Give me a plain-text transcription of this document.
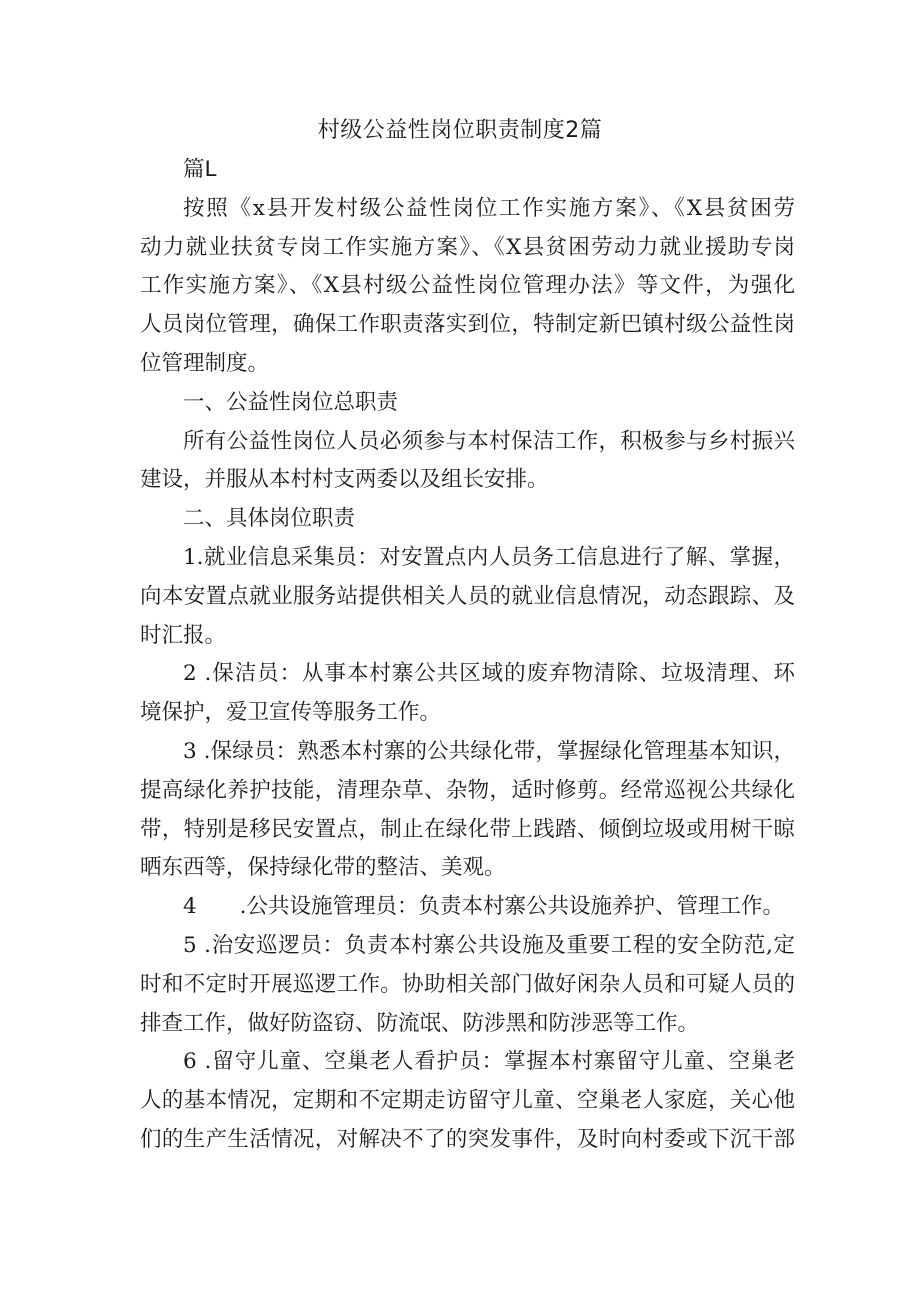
村级公益性岗位职责制度2篇
篇L
按照《x县开发村级公益性岗位工作实施方案》、《X县贫困劳
动力就业扶贫专岗工作实施方案》、《X县贫困劳动力就业援助专岗
工作实施方案》、《X县村级公益性岗位管理办法》等文件，为强化
人员岗位管理，确保工作职责落实到位，特制定新巴镇村级公益性岗
位管理制度。
一、公益性岗位总职责
所有公益性岗位人员必须参与本村保洁工作，积极参与乡村振兴
建设，并服从本村村支两委以及组长安排。
二、具体岗位职责
1.就业信息采集员：对安置点内人员务工信息进行了解、掌握，
向本安置点就业服务站提供相关人员的就业信息情况，动态跟踪、及
时汇报。
2 .保洁员：从事本村寨公共区域的废弃物清除、垃圾清理、环
境保护，爱卫宣传等服务工作。
3 .保绿员：熟悉本村寨的公共绿化带，掌握绿化管理基本知识，
提高绿化养护技能，清理杂草、杂物，适时修剪。经常巡视公共绿化
带，特别是移民安置点，制止在绿化带上践踏、倾倒垃圾或用树干晾
晒东西等，保持绿化带的整洁、美观。
4　　.公共设施管理员：负责本村寨公共设施养护、管理工作。
5 .治安巡逻员：负责本村寨公共设施及重要工程的安全防范,定
时和不定时开展巡逻工作。协助相关部门做好闲杂人员和可疑人员的
排查工作，做好防盗窃、防流氓、防涉黑和防涉恶等工作。
6 .留守儿童、空巢老人看护员：掌握本村寨留守儿童、空巢老
人的基本情况，定期和不定期走访留守儿童、空巢老人家庭，关心他
们的生产生活情况，对解决不了的突发事件，及时向村委或下沉干部
